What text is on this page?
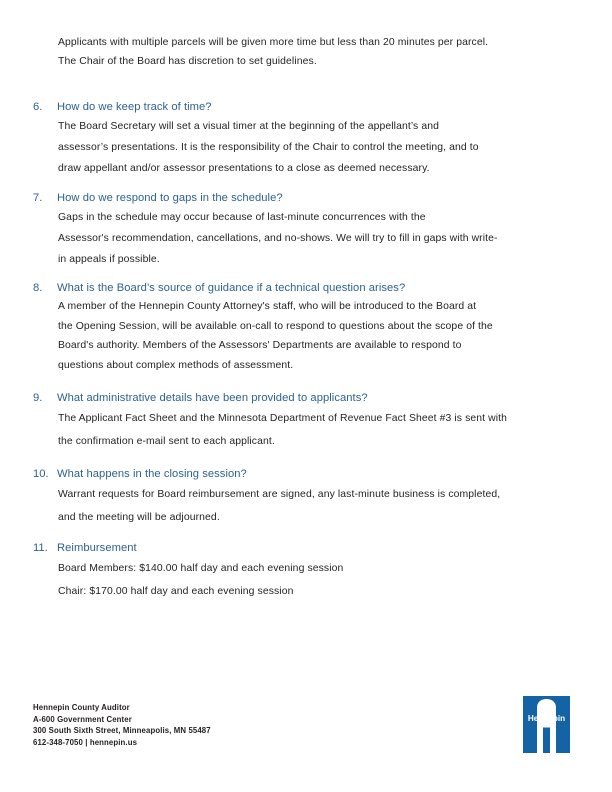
Applicants with multiple parcels will be given more time but less than 20 minutes per parcel.
The Chair of the Board has discretion to set guidelines.
6.	How do we keep track of time?
The Board Secretary will set a visual timer at the beginning of the appellant’s and
assessor’s presentations. It is the responsibility of the Chair to control the meeting, and to
draw appellant and/or assessor presentations to a close as deemed necessary.
7.	How do we respond to gaps in the schedule?
Gaps in the schedule may occur because of last-minute concurrences with the
Assessor's recommendation, cancellations, and no-shows. We will try to fill in gaps with write-
in appeals if possible.
8.	What is the Board’s source of guidance if a technical question arises?
A member of the Hennepin County Attorney's staff, who will be introduced to the Board at
the Opening Session, will be available on-call to respond to questions about the scope of the
Board's authority. Members of the Assessors' Departments are available to respond to
questions about complex methods of assessment.
9.	What administrative details have been provided to applicants?
The Applicant Fact Sheet and the Minnesota Department of Revenue Fact Sheet #3 is sent with
the confirmation e-mail sent to each applicant.
10. What happens in the closing session?
Warrant requests for Board reimbursement are signed, any last-minute business is completed,
and the meeting will be adjourned.
11. Reimbursement
Board Members: $140.00 half day and each evening session
Chair: $170.00 half day and each evening session
Hennepin County Auditor
A-600 Government Center
300 South Sixth Street, Minneapolis, MN 55487
612-348-7050 | hennepin.us
Hennepin
